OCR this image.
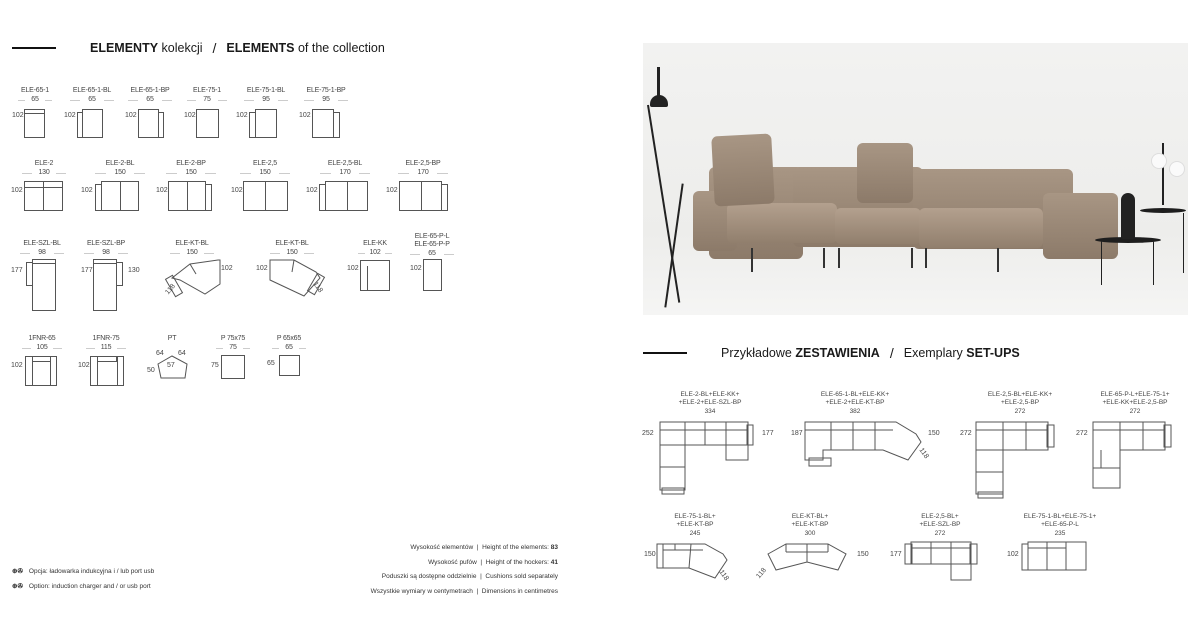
ELEMENTY kolekcji / ELEMENTS of the collection
ELE-65-1
65
102
ELE-65-1-BL
65
102
ELE-65-1-BP
65
102
ELE-75-1
75
102
ELE-75-1-BL
95
102
ELE-75-1-BP
95
102
ELE-2
130
102
ELE-2-BL
150
102
ELE-2-BP
150
102
ELE-2,5
150
102
ELE-2,5-BL
170
102
ELE-2,5-BP
170
102
ELE-SZL-BL
98
177
ELE-SZL-BP
98
177	130
ELE-KT-BL
150
102
118
ELE-KT-BL
150
102
118
ELE-KK
102
102
ELE-65-P-L
ELE-65-P-P
65
102
1FNR-65
105
102
1FNR-75
115
102
PT
64 64
57
50
P 75x75
75
75
P 65x65
65
65
⊕✇ Opcja: ładowarka indukcyjna i / lub port usb
⊕✇ Option: induction charger and / or usb port
Wysokość elementów  |  Height of the elements: 83
Wysokość pufów  |  Height of the hockers: 41
Poduszki są dostępne oddzielnie  |  Cushions sold separately
Wszystkie wymiary w centymetrach  |  Dimensions in centimetres
Przykładowe ZESTAWIENIA / Exemplary SET-UPS
ELE-2-BL+ELE-KK+
+ELE-2+ELE-SZL-BP
334
252	177
ELE-65-1-BL+ELE-KK+
+ELE-2+ELE-KT-BP
382
187	150
118
ELE-2,5-BL+ELE-KK+
+ELE-2,5-BP
272
272
ELE-65-P-L+ELE-75-1+
+ELE-KK+ELE-2,5-BP
272
272
ELE-75-1-BL+
+ELE-KT-BP
245
150
118
ELE-KT-BL+
+ELE-KT-BP
300
150
118
ELE-2,5-BL+
+ELE-SZL-BP
272
177
ELE-75-1-BL+ELE-75-1+
+ELE-65-P-L
235
102
